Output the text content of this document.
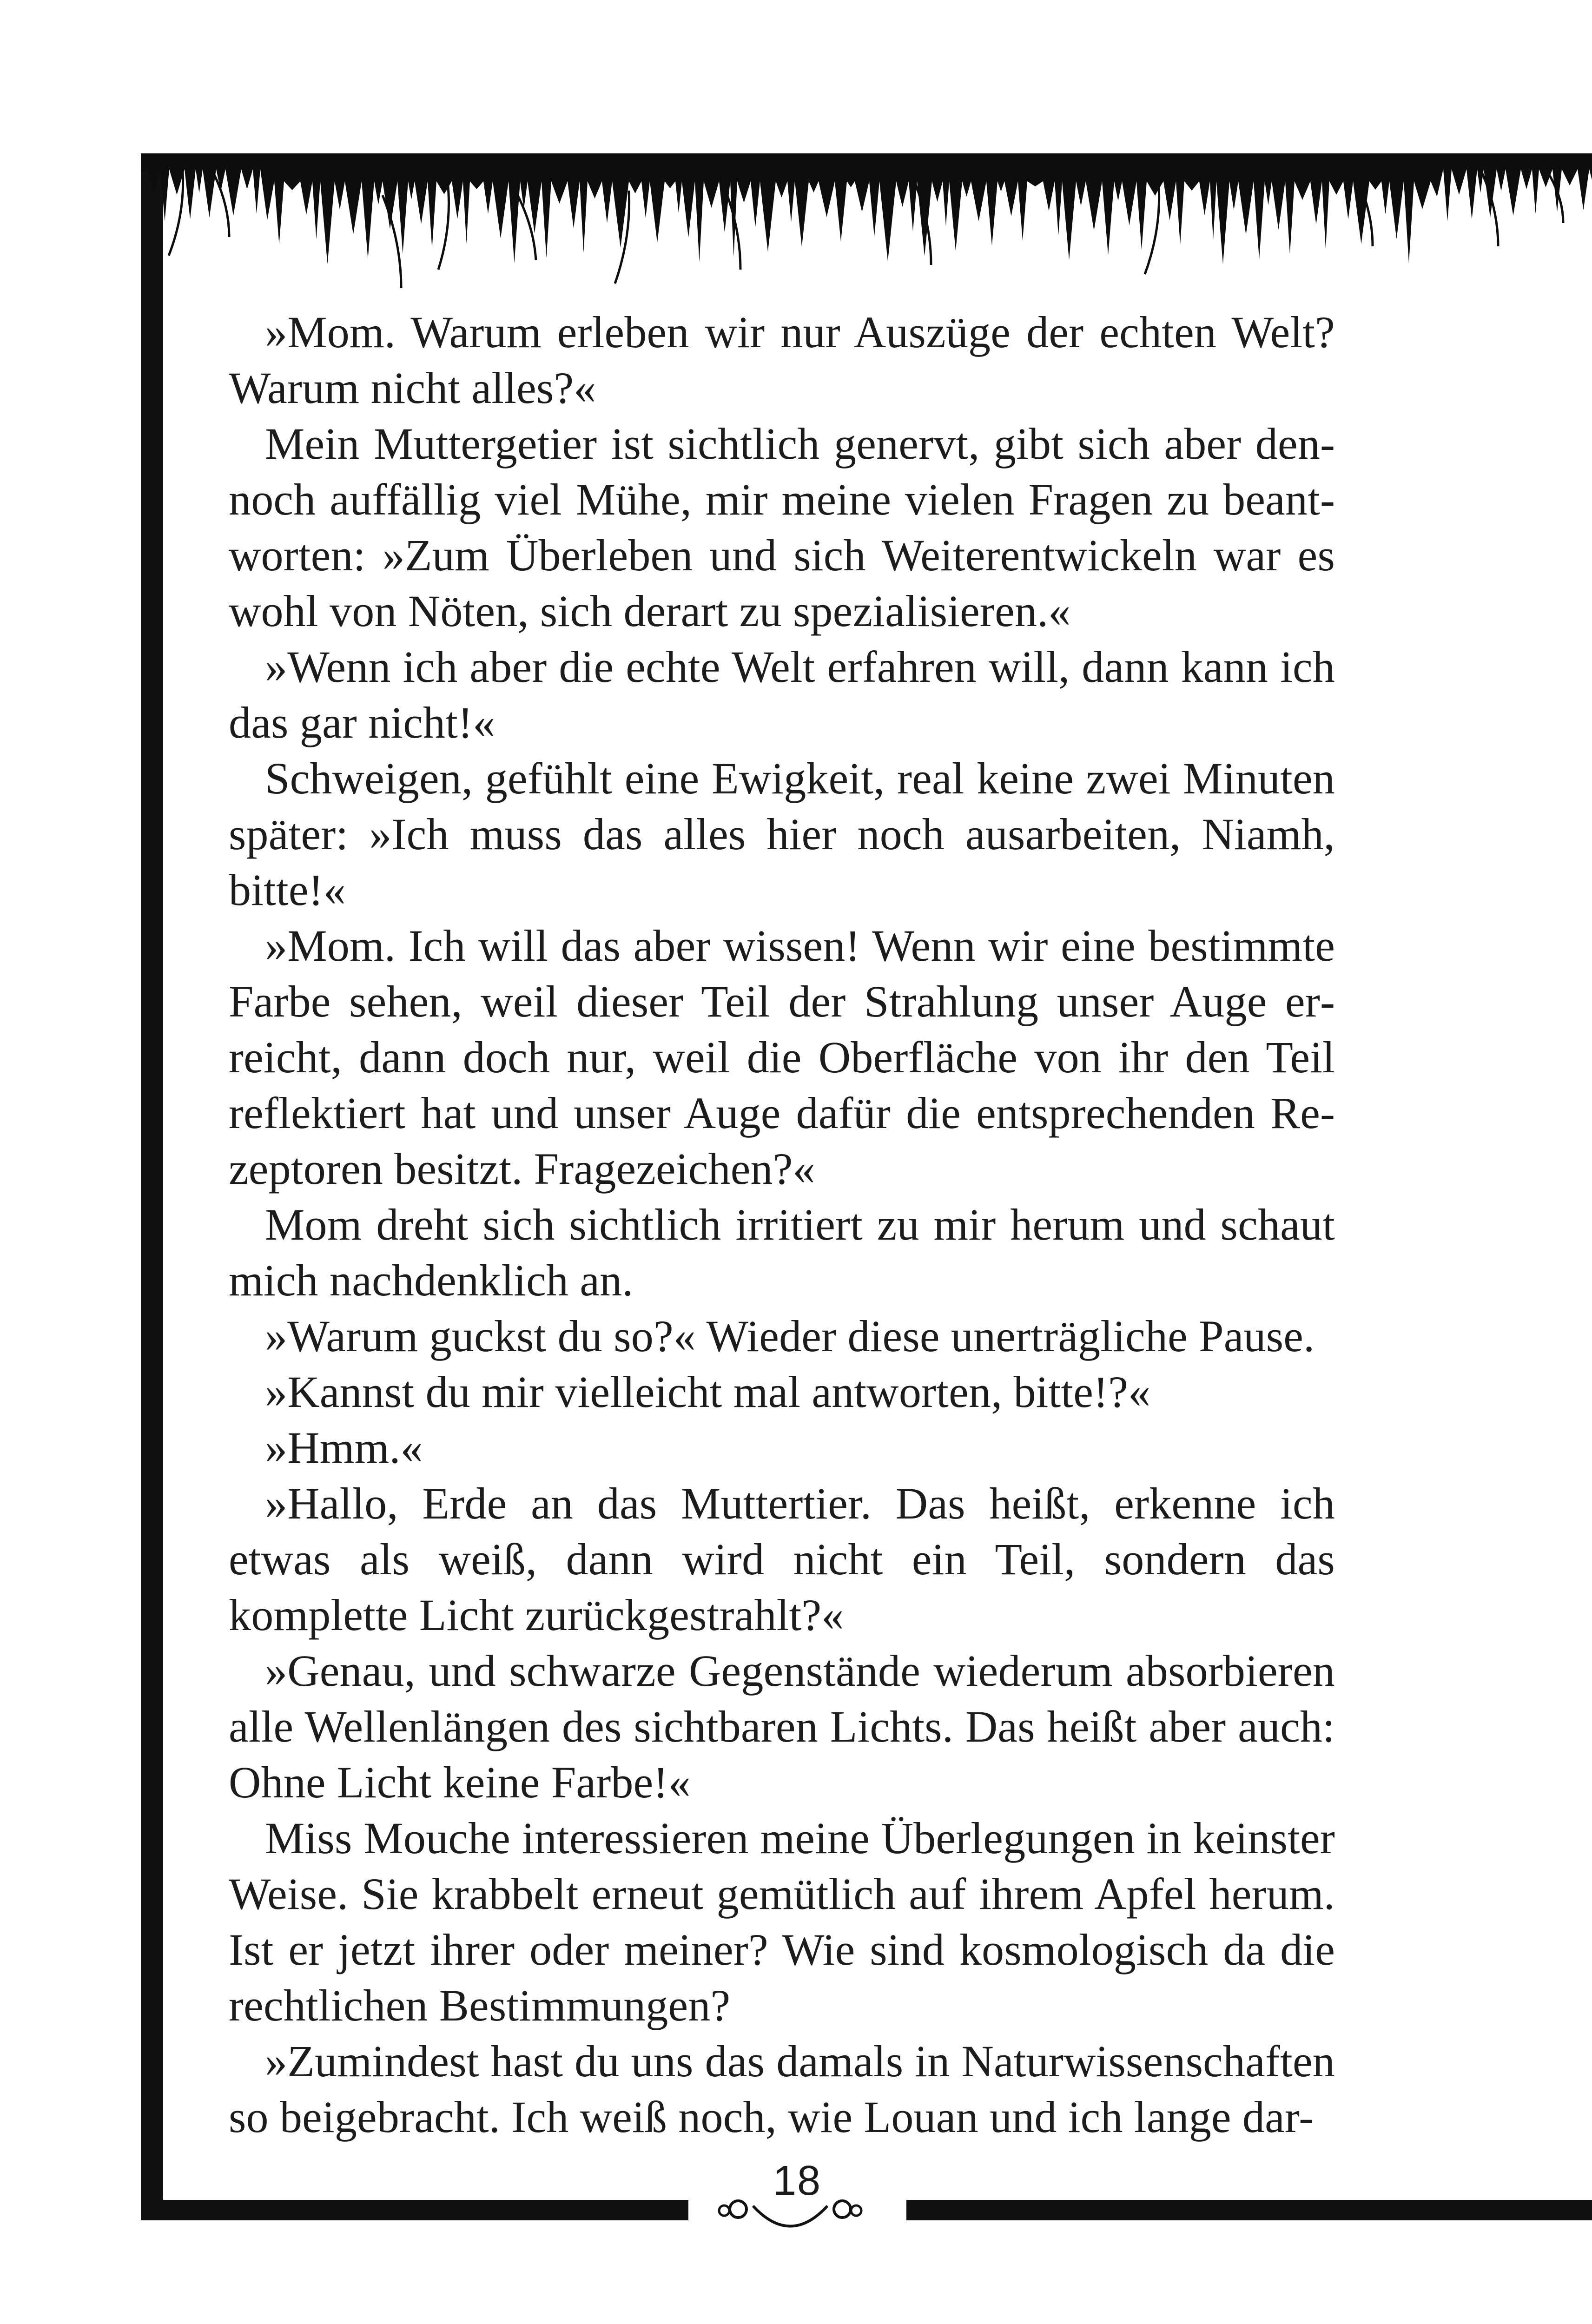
»Mom. Warum erleben wir nur Auszüge der echten Welt? Warum nicht alles?«

Mein Muttergetier ist sichtlich genervt, gibt sich aber dennoch auffällig viel Mühe, mir meine vielen Fragen zu beantworten: »Zum Überleben und sich Weiterentwickeln war es wohl von Nöten, sich derart zu spezialisieren.«

»Wenn ich aber die echte Welt erfahren will, dann kann ich das gar nicht!«

Schweigen, gefühlt eine Ewigkeit, real keine zwei Minuten später: »Ich muss das alles hier noch ausarbeiten, Niamh, bitte!«

»Mom. Ich will das aber wissen! Wenn wir eine bestimmte Farbe sehen, weil dieser Teil der Strahlung unser Auge erreicht, dann doch nur, weil die Oberfläche von ihr den Teil reflektiert hat und unser Auge dafür die entsprechenden Rezeptoren besitzt. Fragezeichen?«

Mom dreht sich sichtlich irritiert zu mir herum und schaut mich nachdenklich an.

»Warum guckst du so?« Wieder diese unerträgliche Pause.

»Kannst du mir vielleicht mal antworten, bitte!?«

»Hmm.«

»Hallo, Erde an das Muttertier. Das heißt, erkenne ich etwas als weiß, dann wird nicht ein Teil, sondern das komplette Licht zurückgestrahlt?«

»Genau, und schwarze Gegenstände wiederum absorbieren alle Wellenlängen des sichtbaren Lichts. Das heißt aber auch: Ohne Licht keine Farbe!«

Miss Mouche interessieren meine Überlegungen in keinster Weise. Sie krabbelt erneut gemütlich auf ihrem Apfel herum. Ist er jetzt ihrer oder meiner? Wie sind kosmologisch da die rechtlichen Bestimmungen?

»Zumindest hast du uns das damals in Naturwissenschaften so beigebracht. Ich weiß noch, wie Louan und ich lange dar-

18
